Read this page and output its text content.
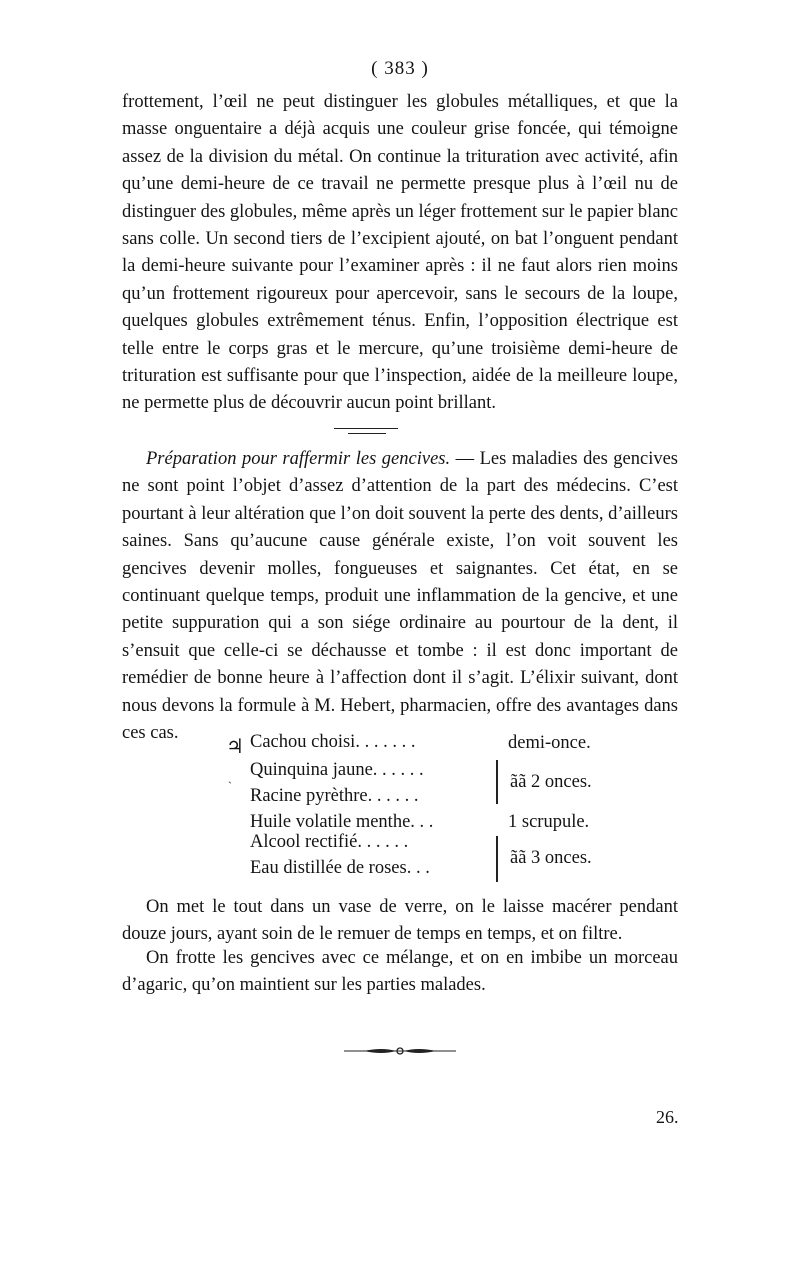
( 383 )

frottement, l’œil ne peut distinguer les globules métalliques, et que la masse onguentaire a déjà acquis une couleur grise foncée, qui témoigne assez de la division du métal. On continue la trituration avec activité, afin qu’une demi-heure de ce travail ne permette presque plus à l’œil nu de distinguer des globules, même après un léger frottement sur le papier blanc sans colle. Un second tiers de l’excipient ajouté, on bat l’onguent pendant la demi-heure suivante pour l’examiner après : il ne faut alors rien moins qu’un frottement rigoureux pour apercevoir, sans le secours de la loupe, quelques globules extrêmement ténus. Enfin, l’opposition électrique est telle entre le corps gras et le mercure, qu’une troisième demi-heure de trituration est suffisante pour que l’inspection, aidée de la meilleure loupe, ne permette plus de découvrir aucun point brillant.

Préparation pour raffermir les gencives. — Les maladies des gencives ne sont point l’objet d’assez d’attention de la part des médecins. C’est pourtant à leur altération que l’on doit souvent la perte des dents, d’ailleurs saines. Sans qu’aucune cause générale existe, l’on voit souvent les gencives devenir molles, fongueuses et saignantes. Cet état, en se continuant quelque temps, produit une inflammation de la gencive, et une petite suppuration qui a son siége ordinaire au pourtour de la dent, il s’ensuit que celle-ci se déchausse et tombe : il est donc important de remédier de bonne heure à l’affection dont il s’agit. L’élixir suivant, dont nous devons la formule à M. Hebert, pharmacien, offre des avantages dans ces cas.

♃
ˎ
Cachou choisi. . . . . . .
Quinquina jaune. . . . . .
Racine pyrèthre. . . . . .
Huile volatile menthe. . .
Alcool rectifié. . . . . .
Eau distillée de roses. . .
demi-once.
ãã 2 onces.
1 scrupule.
ãã 3 onces.

On met le tout dans un vase de verre, on le laisse macérer pendant douze jours, ayant soin de le remuer de temps en temps, et on filtre.

On frotte les gencives avec ce mélange, et on en imbibe un morceau d’agaric, qu’on maintient sur les parties malades.

26.
